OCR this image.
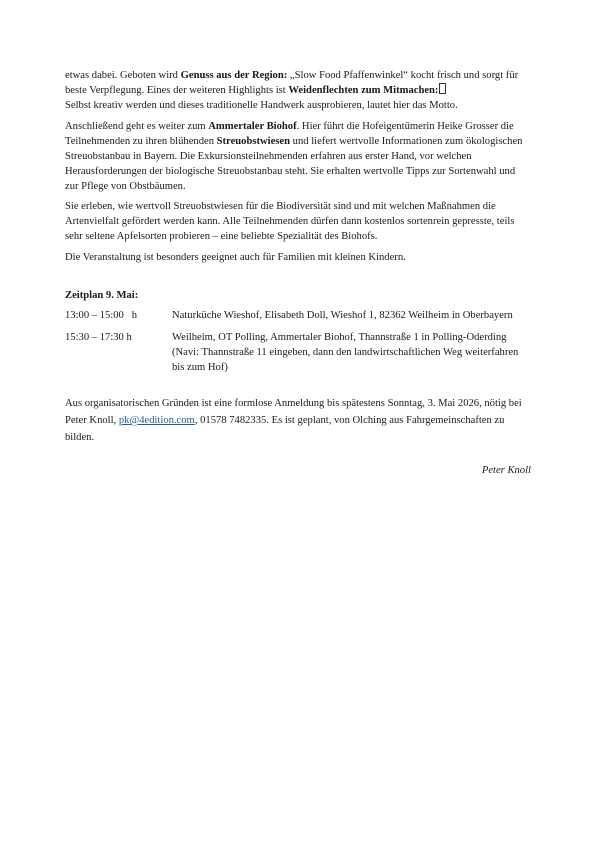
etwas dabei. Geboten wird Genuss aus der Region: „Slow Food Pfaffenwinkel“ kocht frisch und sorgt für beste Verpflegung. Eines der weiteren Highlights ist Weidenflechten zum Mitmachen:
Selbst kreativ werden und dieses traditionelle Handwerk ausprobieren, lautet hier das Motto.

Anschließend geht es weiter zum Ammertaler Biohof. Hier führt die Hofeigentümerin Heike Grosser die Teilnehmenden zu ihren blühenden Streuobstwiesen und liefert wertvolle Informationen zum ökologischen Streuobstanbau in Bayern. Die Exkursionsteilnehmenden erfahren aus erster Hand, vor welchen Herausforderungen der biologische Streuobstanbau steht. Sie erhalten wertvolle Tipps zur Sortenwahl und zur Pflege von Obstbäumen.

Sie erleben, wie wertvoll Streuobstwiesen für die Biodiversität sind und mit welchen Maßnahmen die Artenvielfalt gefördert werden kann. Alle Teilnehmenden dürfen dann kostenlos sortenrein gepresste, teils sehr seltene Apfelsorten probieren – eine beliebte Spezialität des Biohofs.

Die Veranstaltung ist besonders geeignet auch für Familien mit kleinen Kindern.

Zeitplan 9. Mai:

13:00 – 15:00   h	Naturküche Wieshof, Elisabeth Doll, Wieshof 1, 82362 Weilheim in Oberbayern
15:30 – 17:30 h	Weilheim, OT Polling, Ammertaler Biohof, Thannstraße 1 in Polling-Oderding (Navi: Thannstraße 11 eingeben, dann den landwirtschaftlichen Weg weiterfahren bis zum Hof)

Aus organisatorischen Gründen ist eine formlose Anmeldung bis spätestens Sonntag, 3. Mai 2026, nötig bei Peter Knoll, pk@4edition.com, 01578 7482335. Es ist geplant, von Olching aus Fahrgemeinschaften zu bilden.

Peter Knoll
